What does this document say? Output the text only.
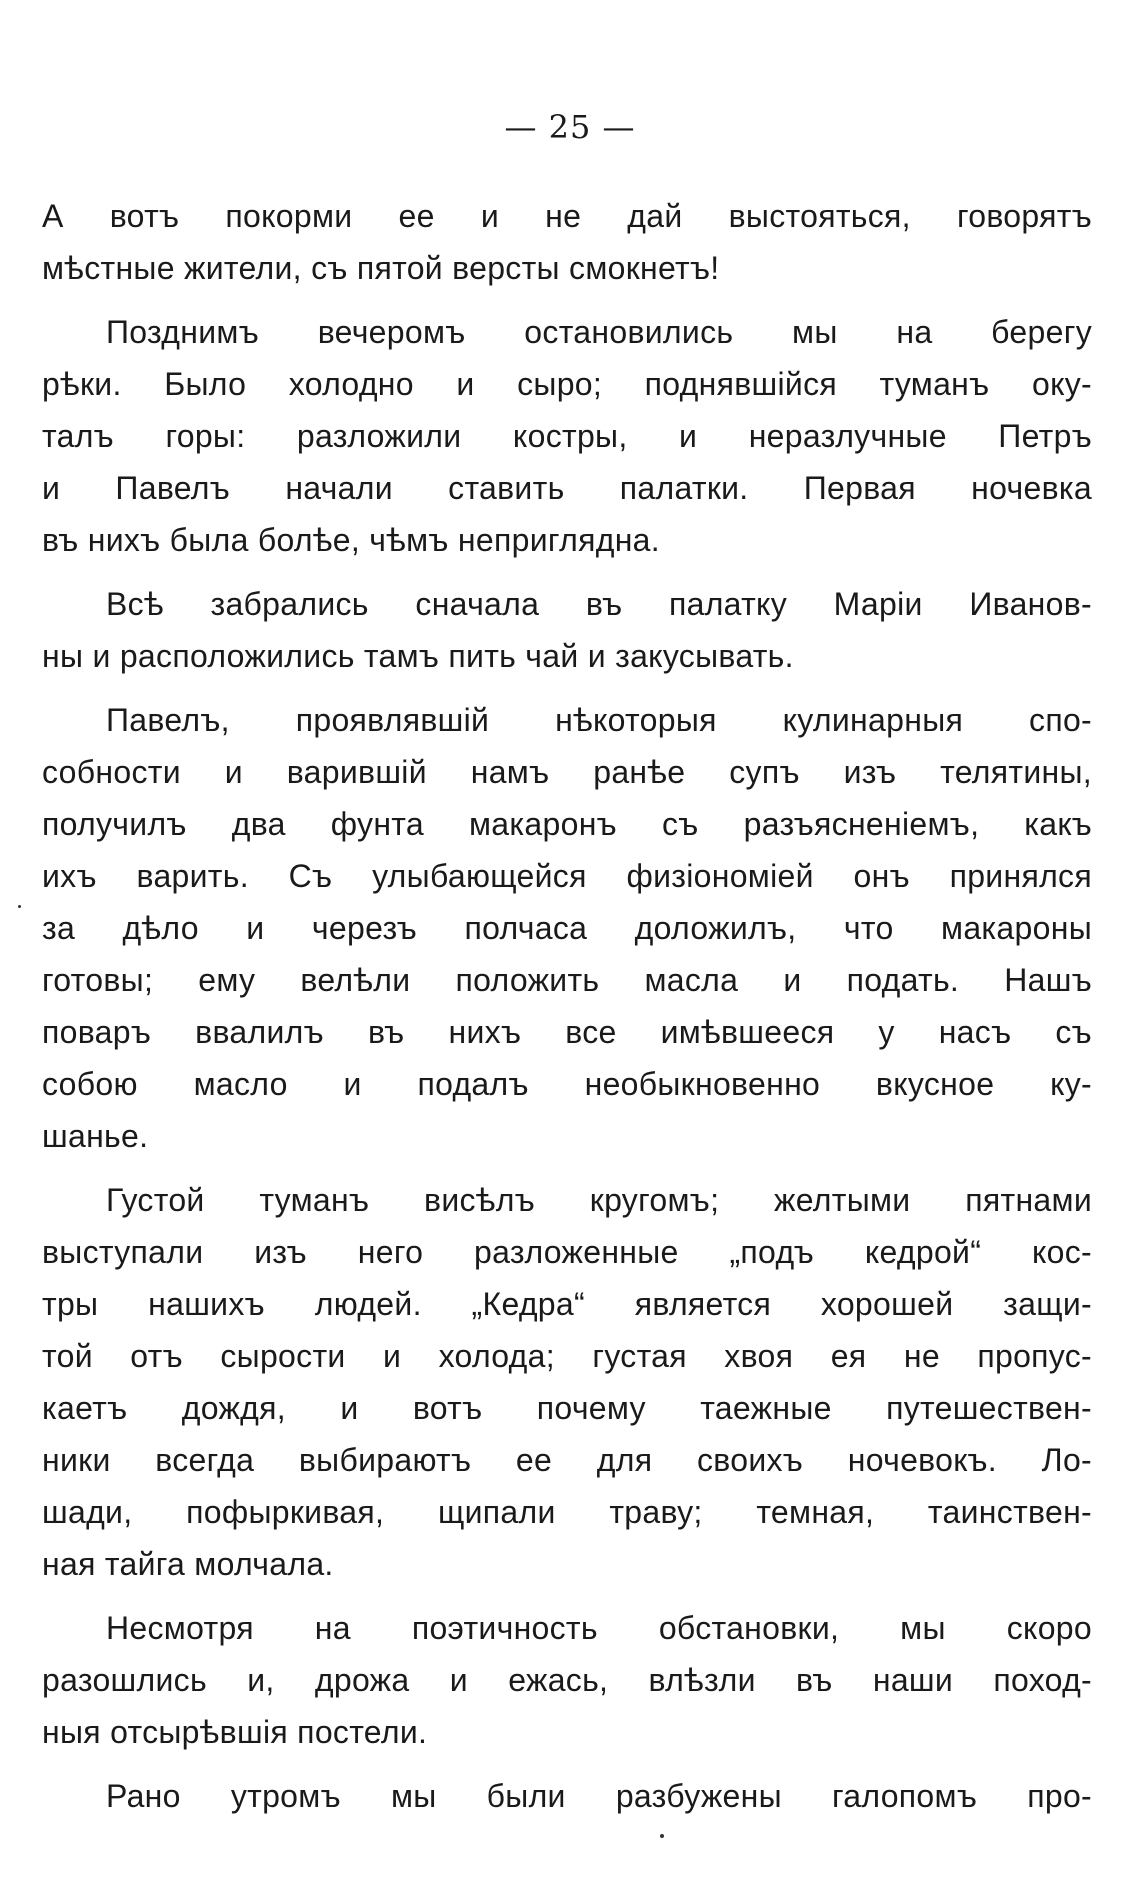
— 25 —
А вотъ покорми ее и не дай выстояться, говорятъ
мѣстные жители, съ пятой версты смокнетъ!
Позднимъ вечеромъ остановились мы на берегу
рѣки. Было холодно и сыро; поднявшійся туманъ оку-
талъ горы: разложили костры, и неразлучные Петръ
и Павелъ начали ставить палатки. Первая ночевка
въ нихъ была болѣе, чѣмъ непригляднa.
Всѣ забрались сначала въ палатку Маріи Иванов-
ны и расположились тамъ пить чай и закусывать.
Павелъ, проявлявшій нѣкоторыя кулинарныя спо-
собности и варившій намъ ранѣе супъ изъ телятины,
получилъ два фунта макаронъ съ разъясненіемъ, какъ
ихъ варить. Съ улыбающейся физіономіей онъ принялся
за дѣло и черезъ полчаса доложилъ, что макароны
готовы; ему велѣли положить масла и подать. Нашъ
поваръ ввалилъ въ нихъ все имѣвшееся у насъ съ
собою масло и подалъ необыкновенно вкусное ку-
шанье.
Густой туманъ висѣлъ кругомъ; желтыми пятнами
выступали изъ него разложенные „подъ кедрой“ кос-
тры нашихъ людей. „Кедра“ является хорошей защи-
той отъ сырости и холода; густая хвоя ея не пропус-
каетъ дождя, и вотъ почему таежные путешествен-
ники всегда выбираютъ ее для своихъ ночевокъ. Ло-
шади, пофыркивая, щипали траву; темная, таинствен-
ная тайга молчала.
Несмотря на поэтичность обстановки, мы скоро
разошлись и, дрожа и ежась, влѣзли въ наши поход-
ныя отсырѣвшія постели.
Рано утромъ мы были разбужены галопомъ про-
